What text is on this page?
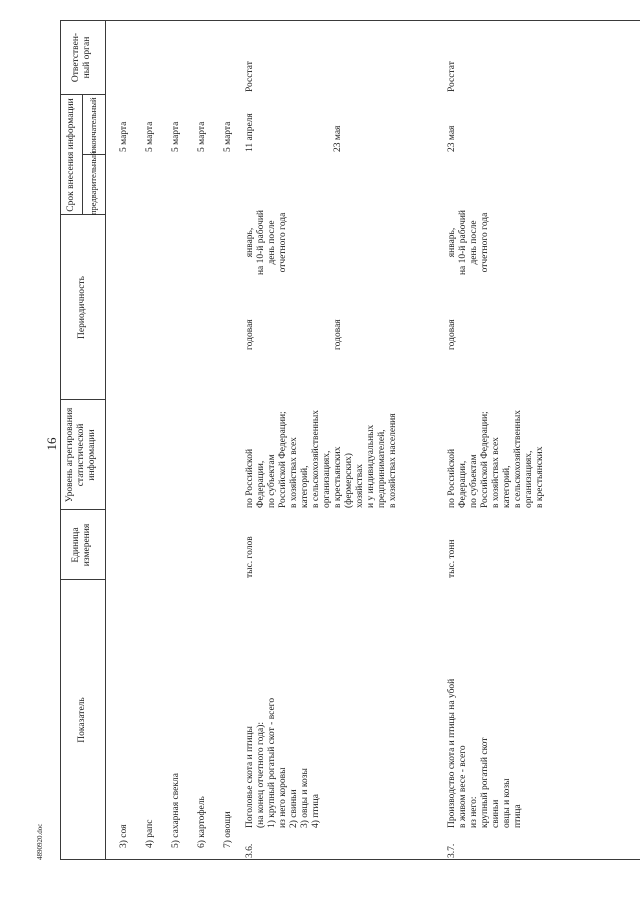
16
4890920.doc
Показатель
Единица
измерения
Уровень агрегирования
статистической
информации
Периодичность
Срок внесения информации предварительный
окончательный
Ответствен-
ный орган
3) соя
5 марта
4) рапс
5 марта
5) сахарная свекла
5 марта
6) картофель
5 марта
7) овощи
5 марта
3.6.
Поголовье скота и птицы
(на конец отчетного года):
1) крупный рогатый скот - всего
из него коровы
2) свиньи
3) овцы и козы
4) птица
тыс. голов
по Российской
Федерации,
по субъектам
Российской Федерации;
в хозяйствах всех
категорий,
в сельскохозяйственных
организациях,
в крестьянских
(фермерских)
хозяйствах
и у индивидуальных
предпринимателей,
в хозяйствах населения
годовая

годовая
январь,
на 10-й рабочий
день после
отчетного года
11 апреля

23 мая
Росстат
3.7.
Производство скота и птицы на убой
в живом весе - всего
из него:
крупный рогатый скот
свиньи
овцы и козы
птица
тыс. тонн
по Российской
Федерации,
по субъектам
Российской Федерации;
в хозяйствах всех
категорий,
в сельскохозяйственных
организациях,
в крестьянских
годовая
январь,
на 10-й рабочий
день после
отчетного года
23 мая
Росстат
